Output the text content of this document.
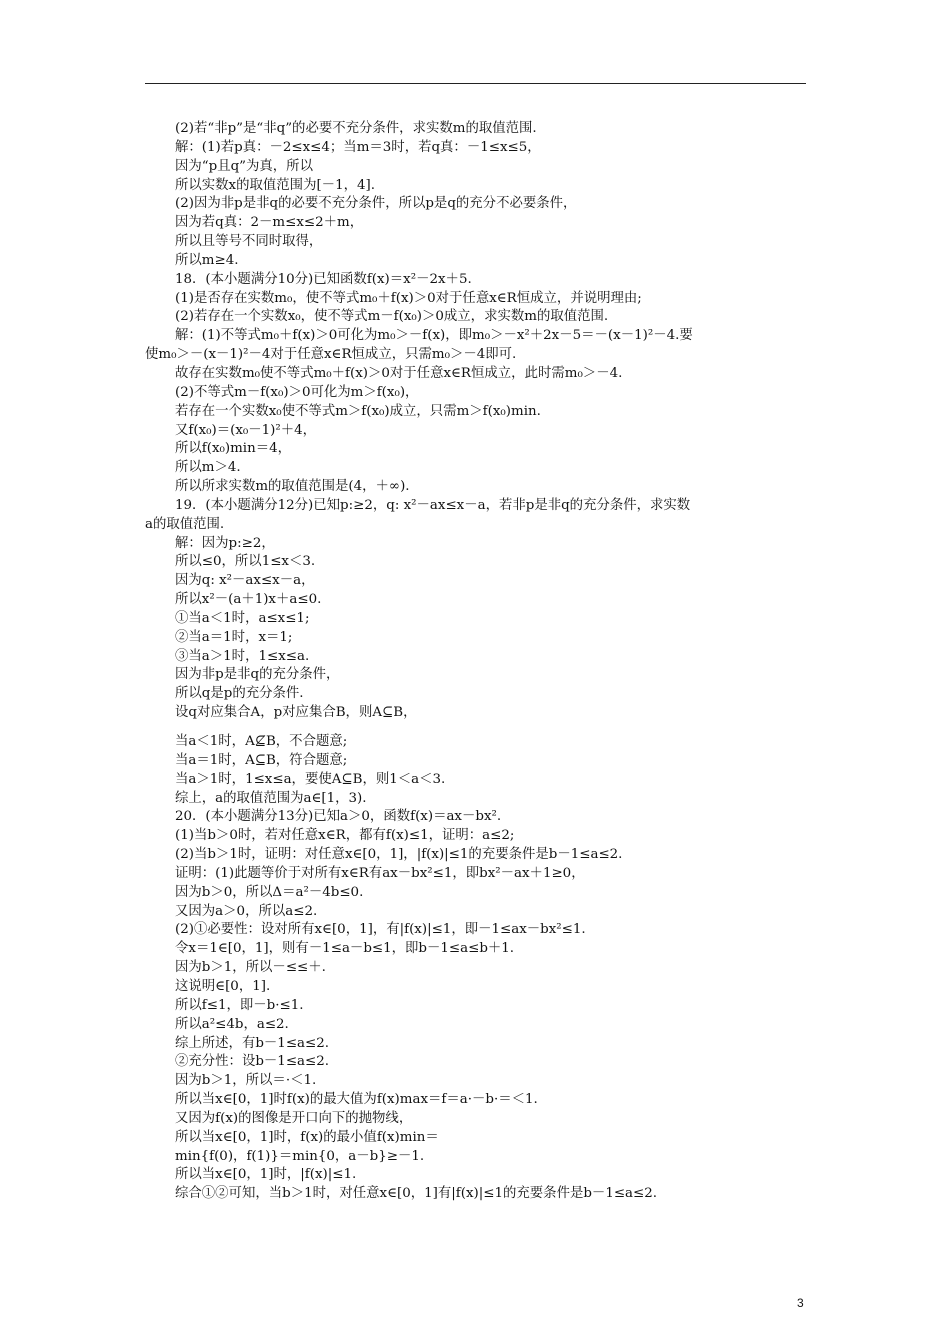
(2)若“非p”是“非q”的必要不充分条件，求实数m的取值范围.
解：(1)若p真：－2≤x≤4；当m＝3时，若q真：－1≤x≤5，
因为“p且q”为真，所以
所以实数x的取值范围为[－1，4].
(2)因为非p是非q的必要不充分条件，所以p是q的充分不必要条件，
因为若q真：2－m≤x≤2＋m，
所以且等号不同时取得，
所以m≥4.
18．(本小题满分10分)已知函数f(x)＝x²－2x＋5.
(1)是否存在实数m₀，使不等式m₀＋f(x)＞0对于任意x∈R恒成立，并说明理由;
(2)若存在一个实数x₀，使不等式m－f(x₀)＞0成立，求实数m的取值范围.
解：(1)不等式m₀＋f(x)＞0可化为m₀＞－f(x)，即m₀＞－x²＋2x－5＝－(x－1)²－4.要
使m₀＞－(x－1)²－4对于任意x∈R恒成立，只需m₀＞－4即可.
故存在实数m₀使不等式m₀＋f(x)＞0对于任意x∈R恒成立，此时需m₀＞－4.
(2)不等式m－f(x₀)＞0可化为m＞f(x₀)，
若存在一个实数x₀使不等式m＞f(x₀)成立，只需m＞f(x₀)min.
又f(x₀)＝(x₀－1)²＋4，
所以f(x₀)min＝4，
所以m＞4.
所以所求实数m的取值范围是(4，＋∞).
19．(本小题满分12分)已知p:≥2，q: x²－ax≤x－a，若非p是非q的充分条件，求实数
a的取值范围.
解：因为p:≥2，
所以≤0，所以1≤x＜3.
因为q: x²－ax≤x－a，
所以x²－(a＋1)x＋a≤0.
①当a＜1时，a≤x≤1;
②当a＝1时，x＝1;
③当a＞1时，1≤x≤a.
因为非p是非q的充分条件，
所以q是p的充分条件.
设q对应集合A，p对应集合B，则A⊆B，
当a＜1时，A⊈B，不合题意;
当a＝1时，A⊆B，符合题意;
当a＞1时，1≤x≤a，要使A⊆B，则1＜a＜3.
综上，a的取值范围为a∈[1，3).
20．(本小题满分13分)已知a＞0，函数f(x)＝ax－bx².
(1)当b＞0时，若对任意x∈R，都有f(x)≤1，证明：a≤2;
(2)当b＞1时，证明：对任意x∈[0，1]，|f(x)|≤1的充要条件是b－1≤a≤2.
证明：(1)此题等价于对所有x∈R有ax－bx²≤1，即bx²－ax＋1≥0，
因为b＞0，所以Δ＝a²－4b≤0.
又因为a＞0，所以a≤2.
(2)①必要性：设对所有x∈[0，1]，有|f(x)|≤1，即－1≤ax－bx²≤1.
令x＝1∈[0，1]，则有－1≤a－b≤1，即b－1≤a≤b＋1.
因为b＞1，所以－≤≤＋.
这说明∈[0，1].
所以f≤1，即－b·≤1.
所以a²≤4b，a≤2.
综上所述，有b－1≤a≤2.
②充分性：设b－1≤a≤2.
因为b＞1，所以＝·＜1.
所以当x∈[0，1]时f(x)的最大值为f(x)max＝f＝a·－b·＝＜1.
又因为f(x)的图像是开口向下的抛物线，
所以当x∈[0，1]时，f(x)的最小值f(x)min＝
min{f(0)，f(1)}＝min{0，a－b}≥－1.
所以当x∈[0，1]时，|f(x)|≤1.
综合①②可知，当b＞1时，对任意x∈[0，1]有|f(x)|≤1的充要条件是b－1≤a≤2.
3
